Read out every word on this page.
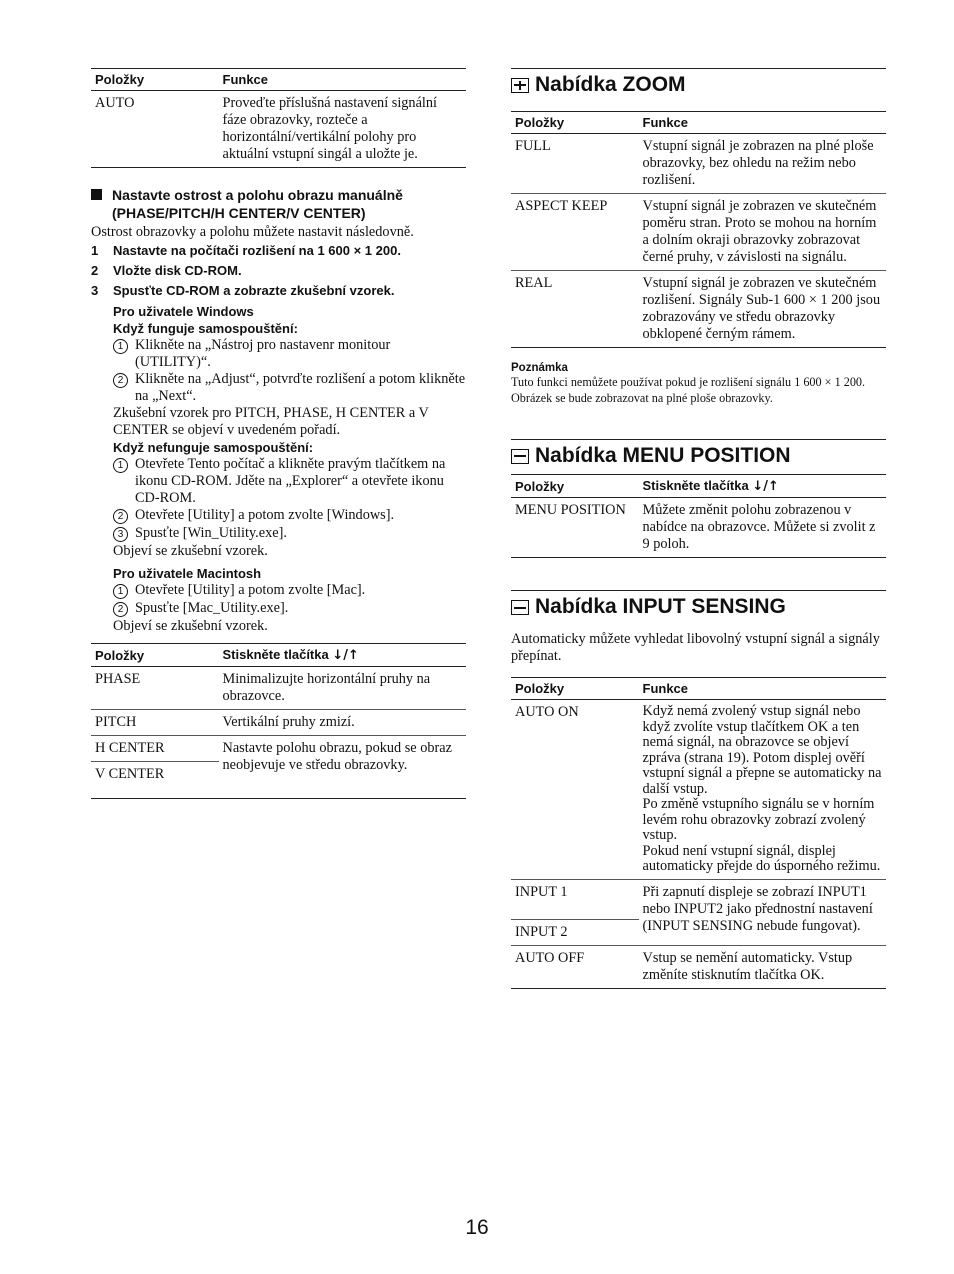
Položky	Funkce
AUTO	Proveďte příslušná nastavení signální fáze obrazovky, rozteče a horizontální/vertikální polohy pro aktuální vstupní singál a uložte je.
Nastavte ostrost a polohu obrazu manuálně (PHASE/PITCH/H CENTER/V CENTER)
Ostrost obrazovky a polohu můžete nastavit následovně.
1	Nastavte na počítači rozlišení na 1 600 × 1 200.
2	Vložte disk CD-ROM.
3	Spusťte CD-ROM a zobrazte zkušební vzorek.
Pro uživatele Windows
Když funguje samospouštění:
1 Klikněte na „Nástroj pro nastavenr monitour (UTILITY)“.
2 Klikněte na „Adjust“, potvrďte rozlišení a potom klikněte na „Next“.
Zkušební vzorek pro PITCH, PHASE, H CENTER a V CENTER se objeví v uvedeném pořadí.
Když nefunguje samospouštění:
1 Otevřete Tento počítač a klikněte pravým tlačítkem na ikonu CD-ROM. Jděte na „Explorer“ a otevřete ikonu CD-ROM.
2 Otevřete [Utility] a potom zvolte [Windows].
3 Spusťte [Win_Utility.exe].
Objeví se zkušební vzorek.
Pro uživatele Macintosh
1 Otevřete [Utility] a potom zvolte [Mac].
2 Spusťte [Mac_Utility.exe].
Objeví se zkušební vzorek.
Položky	Stiskněte tlačítka ↓/↑
PHASE	Minimalizujte horizontální pruhy na obrazovce.
PITCH	Vertikální pruhy zmizí.
H CENTER	Nastavte polohu obrazu, pokud se obraz neobjevuje ve středu obrazovky.
V CENTER	
Nabídka ZOOM
Položky	Funkce
FULL	Vstupní signál je zobrazen na plné ploše obrazovky, bez ohledu na režim nebo rozlišení.
ASPECT KEEP	Vstupní signál je zobrazen ve skutečném poměru stran. Proto se mohou na horním a dolním okraji obrazovky zobrazovat černé pruhy, v závislosti na signálu.
REAL	Vstupní signál je zobrazen ve skutečném rozlišení. Signály Sub-1 600 × 1 200 jsou zobrazovány ve středu obrazovky obklopené černým rámem.
Poznámka
Tuto funkci nemůžete používat pokud je rozlišení signálu 1 600 × 1 200. Obrázek se bude zobrazovat na plné ploše obrazovky.
Nabídka MENU POSITION
Položky	Stiskněte tlačítka ↓/↑
MENU POSITION	Můžete změnit polohu zobrazenou v nabídce na obrazovce. Můžete si zvolit z 9 poloh.
Nabídka INPUT SENSING
Automaticky můžete vyhledat libovolný vstupní signál a signály přepínat.
Položky	Funkce
AUTO ON	Když nemá zvolený vstup signál nebo když zvolíte vstup tlačítkem OK a ten nemá signál, na obrazovce se objeví zpráva (strana 19). Potom displej ověří vstupní signál a přepne se automaticky na další vstup.
Po změně vstupního signálu se v horním levém rohu obrazovky zobrazí zvolený vstup.
Pokud není vstupní signál, displej automaticky přejde do úsporného režimu.

INPUT 1	Při zapnutí displeje se zobrazí INPUT1 nebo INPUT2 jako přednostní nastavení (INPUT SENSING nebude fungovat).
INPUT 2	
AUTO OFF	Vstup se nemění automaticky. Vstup změníte stisknutím tlačítka OK.
16
